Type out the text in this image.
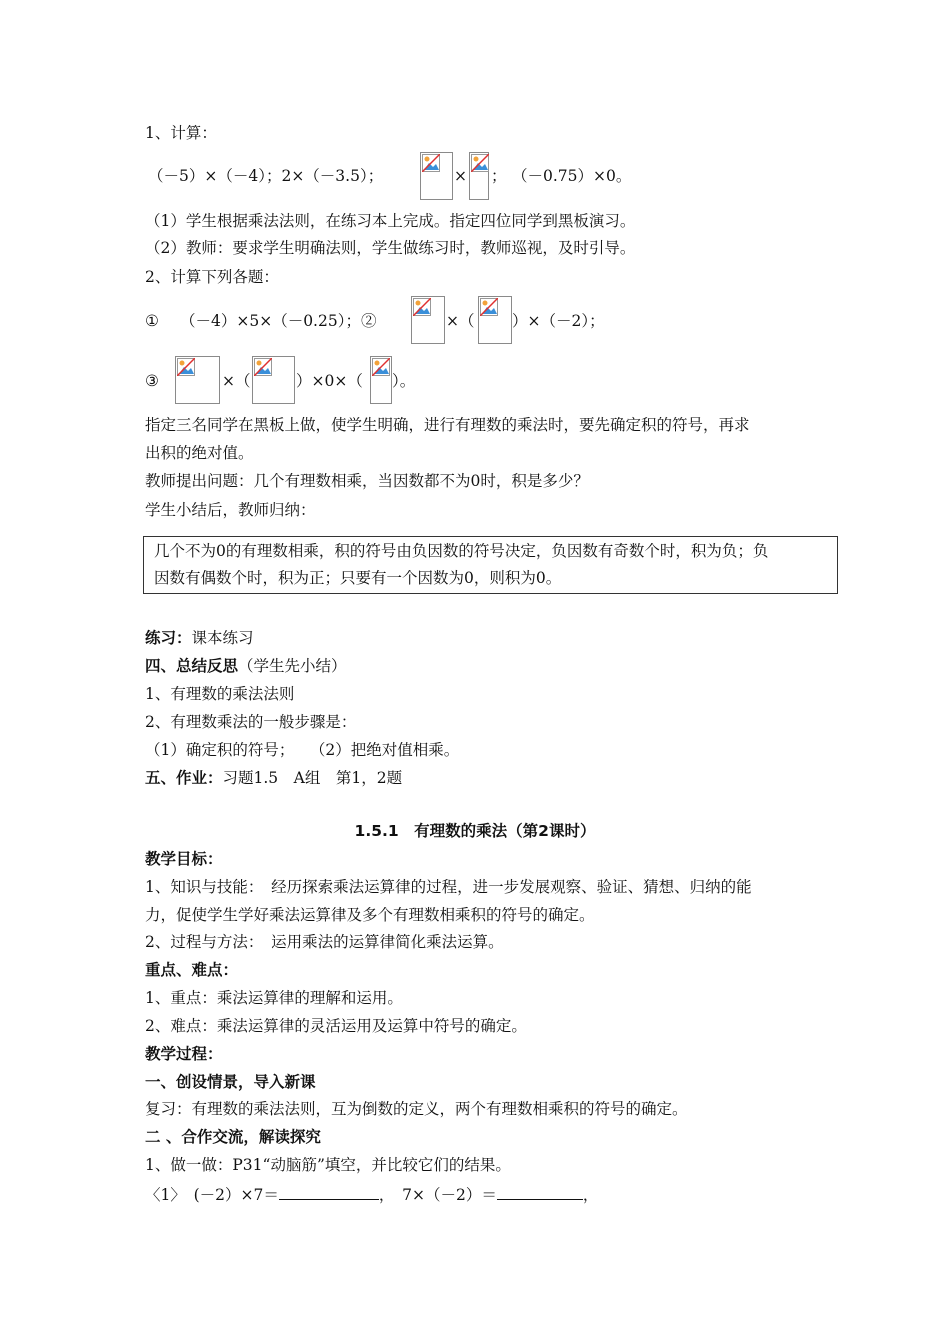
1、计算：
（－5）×（－4）；2×（－3.5）；	× ； （－0.75）×0。
（1）学生根据乘法法则，在练习本上完成。指定四位同学到黑板演习。
（2）教师：要求学生明确法则，学生做练习时，教师巡视，及时引导。
2、计算下列各题：
① （－4）×5×（－0.25）；②	×（ ）×（－2）；
③	×（	）×0×（ ）。
指定三名同学在黑板上做，使学生明确，进行有理数的乘法时，要先确定积的符号，再求
出积的绝对值。
教师提出问题：几个有理数相乘，当因数都不为0时，积是多少？
学生小结后，教师归纳：
几个不为0的有理数相乘，积的符号由负因数的符号决定，负因数有奇数个时，积为负；负
因数有偶数个时，积为正；只要有一个因数为0，则积为0。
练习：课本练习
四、总结反思（学生先小结）
1、有理数的乘法法则
2、有理数乘法的一般步骤是：
（1）确定积的符号；　　（2）把绝对值相乘。
五、作业：习题1.5　A组　第1，2题
1.5.1　有理数的乘法（第2课时）
教学目标：
1、知识与技能：　经历探索乘法运算律的过程，进一步发展观察、验证、猜想、归纳的能
力，促使学生学好乘法运算律及多个有理数相乘积的符号的确定。
2、过程与方法：　运用乘法的运算律简化乘法运算。
重点、难点：
1、重点：乘法运算律的理解和运用。
2、难点：乘法运算律的灵活运用及运算中符号的确定。
教学过程：
一、创设情景，导入新课
复习：有理数的乘法法则，互为倒数的定义，两个有理数相乘积的符号的确定。
二 、合作交流，解读探究
1、做一做：P31“动脑筋”填空，并比较它们的结果。
〈1〉　(－2）×7＝	，　7×（－2）＝	，
